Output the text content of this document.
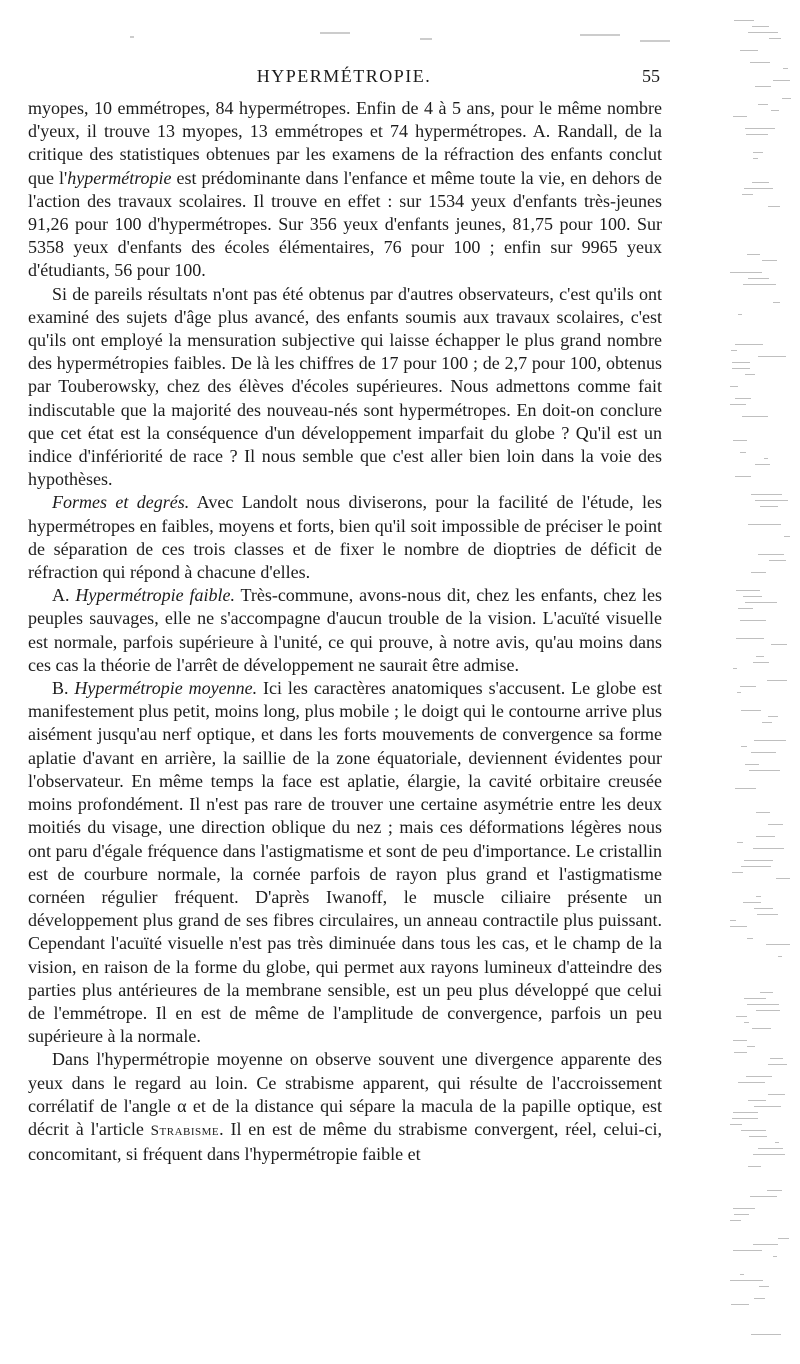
HYPERMÉTROPIE.	55

myopes, 10 emmétropes, 84 hypermétropes. Enfin de 4 à 5 ans, pour le même nombre d'yeux, il trouve 13 myopes, 13 emmétropes et 74 hypermétropes. A. Randall, de la critique des statistiques obtenues par les examens de la réfraction des enfants conclut que l'hypermétropie est prédominante dans l'enfance et même toute la vie, en dehors de l'action des travaux scolaires. Il trouve en effet : sur 1534 yeux d'enfants très-jeunes 91,26 pour 100 d'hypermétropes. Sur 356 yeux d'enfants jeunes, 81,75 pour 100. Sur 5358 yeux d'enfants des écoles élémentaires, 76 pour 100 ; enfin sur 9965 yeux d'étudiants, 56 pour 100.

Si de pareils résultats n'ont pas été obtenus par d'autres observateurs, c'est qu'ils ont examiné des sujets d'âge plus avancé, des enfants soumis aux travaux scolaires, c'est qu'ils ont employé la mensuration subjective qui laisse échapper le plus grand nombre des hypermétropies faibles. De là les chiffres de 17 pour 100 ; de 2,7 pour 100, obtenus par Touberowsky, chez des élèves d'écoles supérieures. Nous admettons comme fait indiscutable que la majorité des nouveau-nés sont hypermétropes. En doit-on conclure que cet état est la conséquence d'un développement imparfait du globe ? Qu'il est un indice d'infériorité de race ? Il nous semble que c'est aller bien loin dans la voie des hypothèses.

Formes et degrés. Avec Landolt nous diviserons, pour la facilité de l'étude, les hypermétropes en faibles, moyens et forts, bien qu'il soit impossible de préciser le point de séparation de ces trois classes et de fixer le nombre de dioptries de déficit de réfraction qui répond à chacune d'elles.

A. Hypermétropie faible. Très-commune, avons-nous dit, chez les enfants, chez les peuples sauvages, elle ne s'accompagne d'aucun trouble de la vision. L'acuïté visuelle est normale, parfois supérieure à l'unité, ce qui prouve, à notre avis, qu'au moins dans ces cas la théorie de l'arrêt de développement ne saurait être admise.

B. Hypermétropie moyenne. Ici les caractères anatomiques s'accusent. Le globe est manifestement plus petit, moins long, plus mobile ; le doigt qui le contourne arrive plus aisément jusqu'au nerf optique, et dans les forts mouvements de convergence sa forme aplatie d'avant en arrière, la saillie de la zone équatoriale, deviennent évidentes pour l'observateur. En même temps la face est aplatie, élargie, la cavité orbitaire creusée moins profondément. Il n'est pas rare de trouver une certaine asymétrie entre les deux moitiés du visage, une direction oblique du nez ; mais ces déformations légères nous ont paru d'égale fréquence dans l'astigmatisme et sont de peu d'importance. Le cristallin est de courbure normale, la cornée parfois de rayon plus grand et l'astigmatisme cornéen régulier fréquent. D'après Iwanoff, le muscle ciliaire présente un développement plus grand de ses fibres circulaires, un anneau contractile plus puissant. Cependant l'acuïté visuelle n'est pas très diminuée dans tous les cas, et le champ de la vision, en raison de la forme du globe, qui permet aux rayons lumineux d'atteindre des parties plus antérieures de la membrane sensible, est un peu plus développé que celui de l'emmétrope. Il en est de même de l'amplitude de convergence, parfois un peu supérieure à la normale.

Dans l'hypermétropie moyenne on observe souvent une divergence apparente des yeux dans le regard au loin. Ce strabisme apparent, qui résulte de l'accroissement corrélatif de l'angle α et de la distance qui sépare la macula de la papille optique, est décrit à l'article Strabisme. Il en est de même du strabisme convergent, réel, celui-ci, concomitant, si fréquent dans l'hypermétropie faible et
